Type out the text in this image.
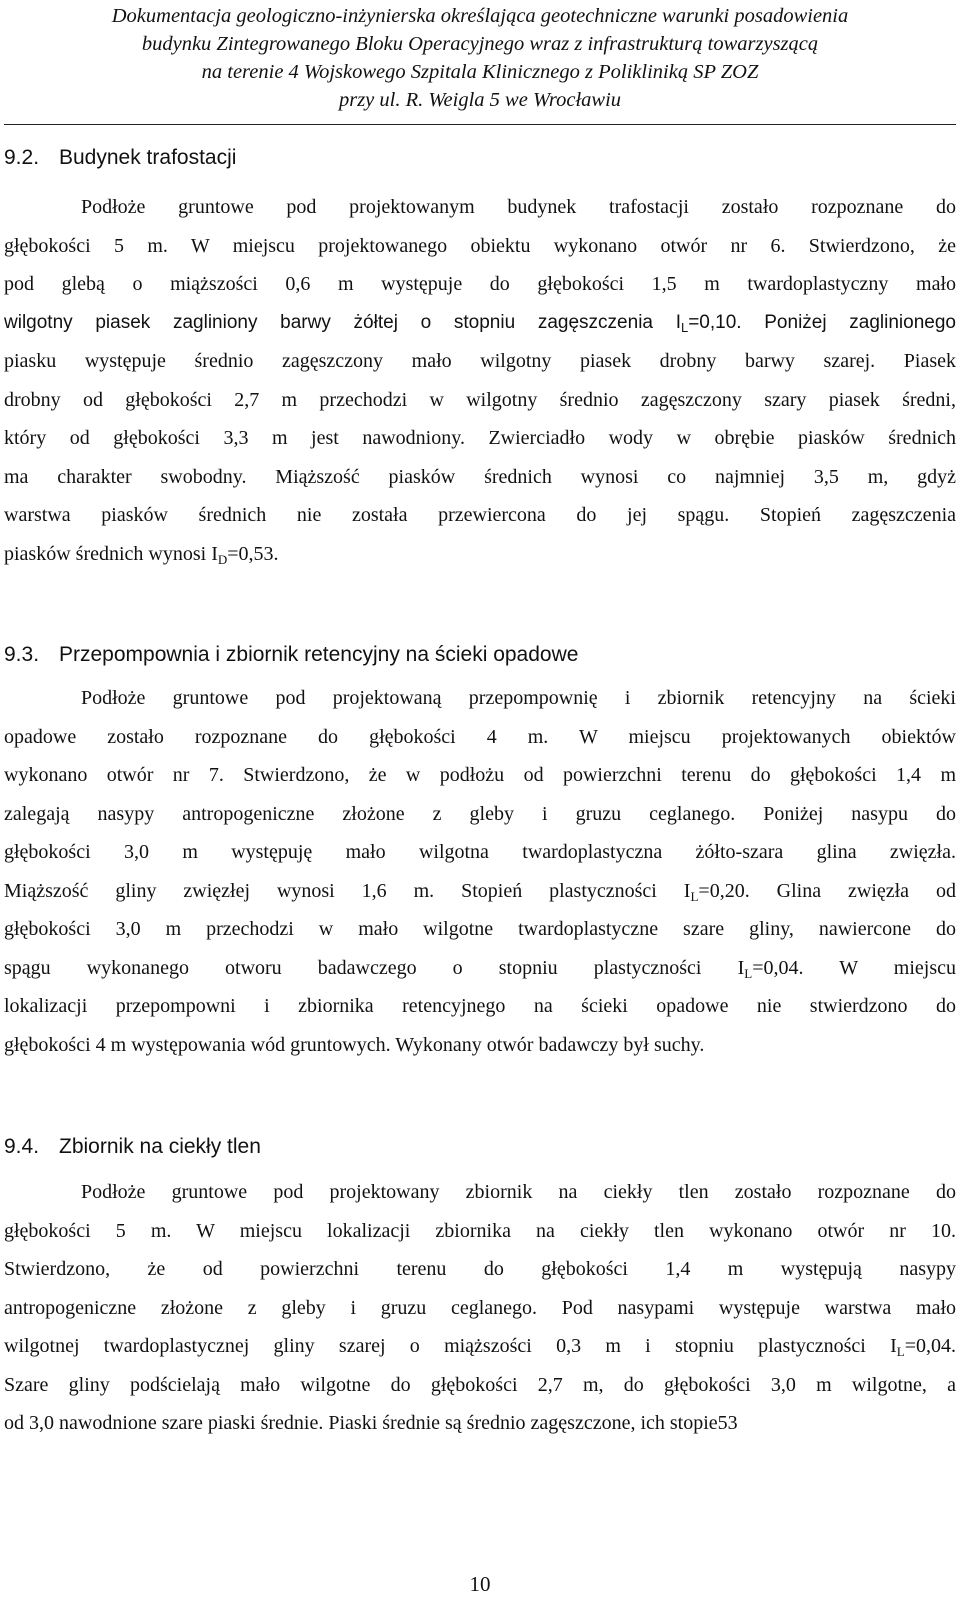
Dokumentacja geologiczno-inżynierska określająca geotechniczne warunki posadowienia
budynku Zintegrowanego Bloku Operacyjnego wraz z infrastrukturą towarzyszącą
na terenie 4 Wojskowego Szpitala Klinicznego z Polikliniką SP ZOZ
przy ul. R. Weigla 5 we Wrocławiu
9.2. Budynek trafostacji
Podłoże gruntowe pod projektowanym budynek trafostacji zostało rozpoznane do
głębokości 5 m. W miejscu projektowanego obiektu wykonano otwór nr 6. Stwierdzono, że
pod glebą o miąższości 0,6 m występuje do głębokości 1,5 m twardoplastyczny mało
wilgotny piasek zagliniony barwy żółtej o stopniu zagęszczenia $I_L=0,10$. Poniżej zaglinionego
piasku występuje średnio zagęszczony mało wilgotny piasek drobny barwy szarej. Piasek
drobny od głębokości 2,7 m przechodzi w wilgotny średnio zagęszczony szary piasek średni,
który od głębokości 3,3 m jest nawodniony. Zwierciadło wody w obrębie piasków średnich
ma charakter swobodny. Miąższość piasków średnich wynosi co najmniej 3,5 m, gdyż
warstwa piasków średnich nie została przewiercona do jej spągu. Stopień zagęszczenia
piasków średnich wynosi $I_D=0,53$.
9.3. Przepompownia i zbiornik retencyjny na ścieki opadowe
Podłoże gruntowe pod projektowaną przepompownię i zbiornik retencyjny na ścieki
opadowe zostało rozpoznane do głębokości 4 m. W miejscu projektowanych obiektów
wykonano otwór nr 7. Stwierdzono, że w podłożu od powierzchni terenu do głębokości 1,4 m
zalegają nasypy antropogeniczne złożone z gleby i gruzu ceglanego. Poniżej nasypu do
głębokości 3,0 m występuję mało wilgotna twardoplastyczna żółto-szara glina zwięzła.
Miąższość gliny zwięzłej wynosi 1,6 m. Stopień plastyczności $I_L=0,20$. Glina zwięzła od
głębokości 3,0 m przechodzi w mało wilgotne twardoplastyczne szare gliny, nawiercone do
spągu wykonanego otworu badawczego o stopniu plastyczności $I_L=0,04$. W miejscu
lokalizacji przepompowni i zbiornika retencyjnego na ścieki opadowe nie stwierdzono do
głębokości 4 m występowania wód gruntowych. Wykonany otwór badawczy był suchy.
9.4. Zbiornik na ciekły tlen
Podłoże gruntowe pod projektowany zbiornik na ciekły tlen zostało rozpoznane do
głębokości 5 m. W miejscu lokalizacji zbiornika na ciekły tlen wykonano otwór nr 10.
Stwierdzono, że od powierzchni terenu do głębokości 1,4 m występują nasypy
antropogeniczne złożone z gleby i gruzu ceglanego. Pod nasypami występuje warstwa mało
wilgotnej twardoplastycznej gliny szarej o miąższości 0,3 m i stopniu plastyczności $I_L=0,04$.
Szare gliny podścielają mało wilgotne do głębokości 2,7 m, do głębokości 3,0 m wilgotne, a
od 3,0 nawodnione szare piaski średnie. Piaski średnie są średnio zagęszczone, ich stopie53
10
